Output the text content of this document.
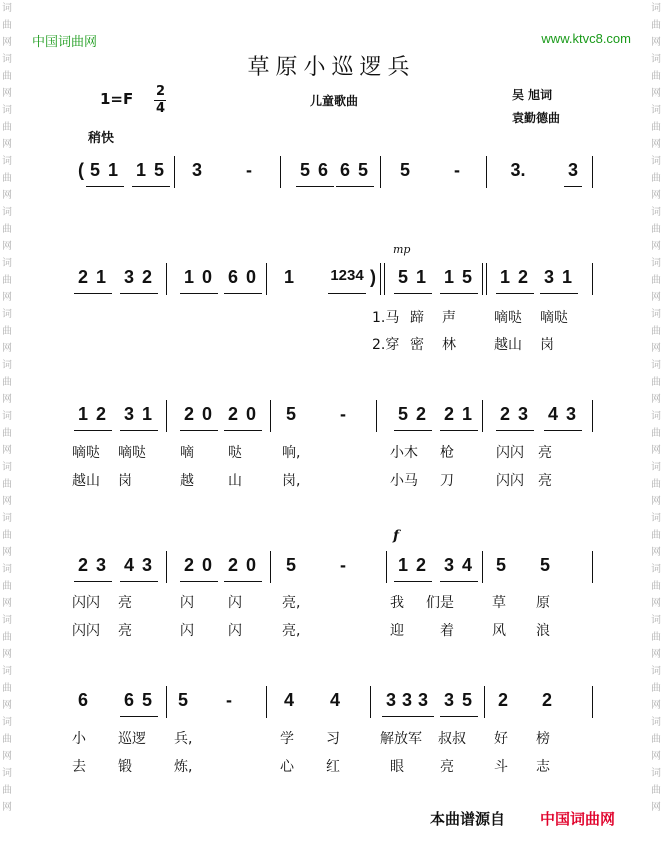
词曲网词曲网词曲网词曲网词曲网词曲网词曲网词曲网词曲网词曲网词曲网词曲网词曲网词曲网词曲网词曲网
词曲网词曲网词曲网词曲网词曲网词曲网词曲网词曲网词曲网词曲网词曲网词曲网词曲网词曲网词曲网词曲网
中国词曲网	www.ktvc8.com
草原小巡逻兵
1=F 2
4	儿童歌曲	吴 旭词
袁勤德曲
稍快
mp
f
( 5 1 1 5 3	-	5 6 6 5 5	-	3.	3
2 1 3 2 1 0 6 0 1 1234 )	5 1 1 5 1 2 3 1
1.马 蹄 声	嘀哒 嘀哒
2.穿 密 林	越山 岗
1 2 3 1 2 0 2 0 5	-	5 2 2 1 2 3 4 3
嘀哒 嘀哒 嘀 哒	响,	小木 枪	闪闪 亮
越山 岗	越 山	岗,	小马 刀	闪闪 亮
2 3 4 3 2 0 2 0 5	-	1 2 3 4 5 5
闪闪 亮	闪 闪	亮,	我 们是	草 原
闪闪 亮	闪 闪	亮,	迎	着	风 浪
6 6 5 5	-	4 4	3 3 3 3 5 2 2
小 巡逻 兵,	学 习	解放军 叔叔 好 榜
去 锻	炼,	心 红	眼	亮	斗 志
本曲谱源自 中国词曲网
